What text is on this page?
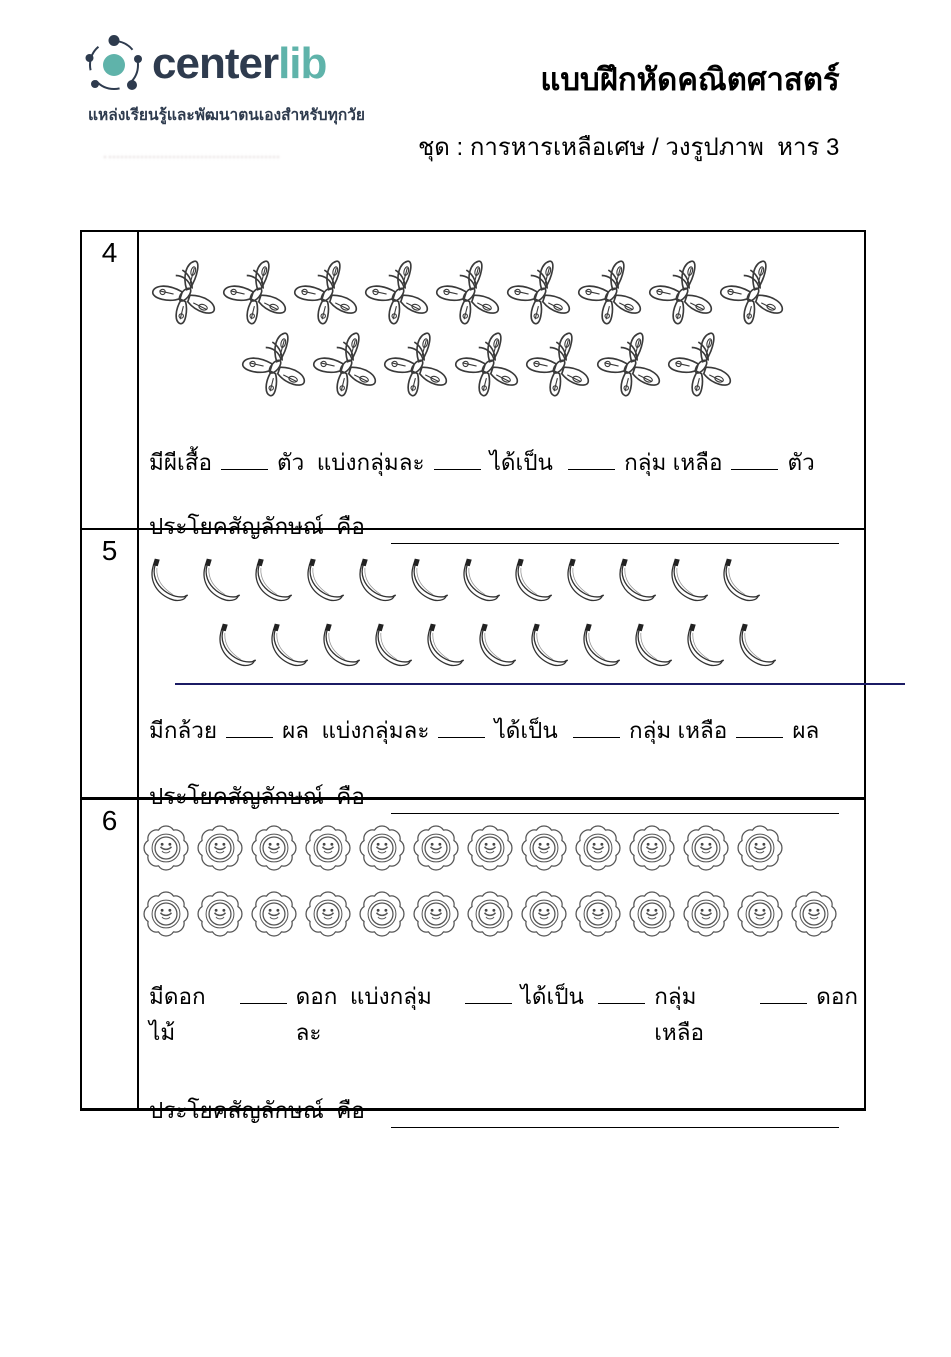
centerlib
แหล่งเรียนรู้และพัฒนาตนเองสำหรับทุกวัย
แบบฝึกหัดคณิตศาสตร์
ชุด : การหารเหลือเศษ / วงรูปภาพ  หาร 3
4

มีผีเสื้อ	ตัว  แบ่งกลุ่มละ	ได้เป็น	กลุ่ม เหลือ	ตัว

ประโยคสัญลักษณ์  คือ
5

มีกล้วย	ผล  แบ่งกลุ่มละ	ได้เป็น	กลุ่ม เหลือ	ผล

ประโยคสัญลักษณ์  คือ
6

มีดอกไม้
ดอก  แบ่งกลุ่มละ
ได้เป็น	กลุ่ม เหลือ
ดอก

ประโยคสัญลักษณ์  คือ
